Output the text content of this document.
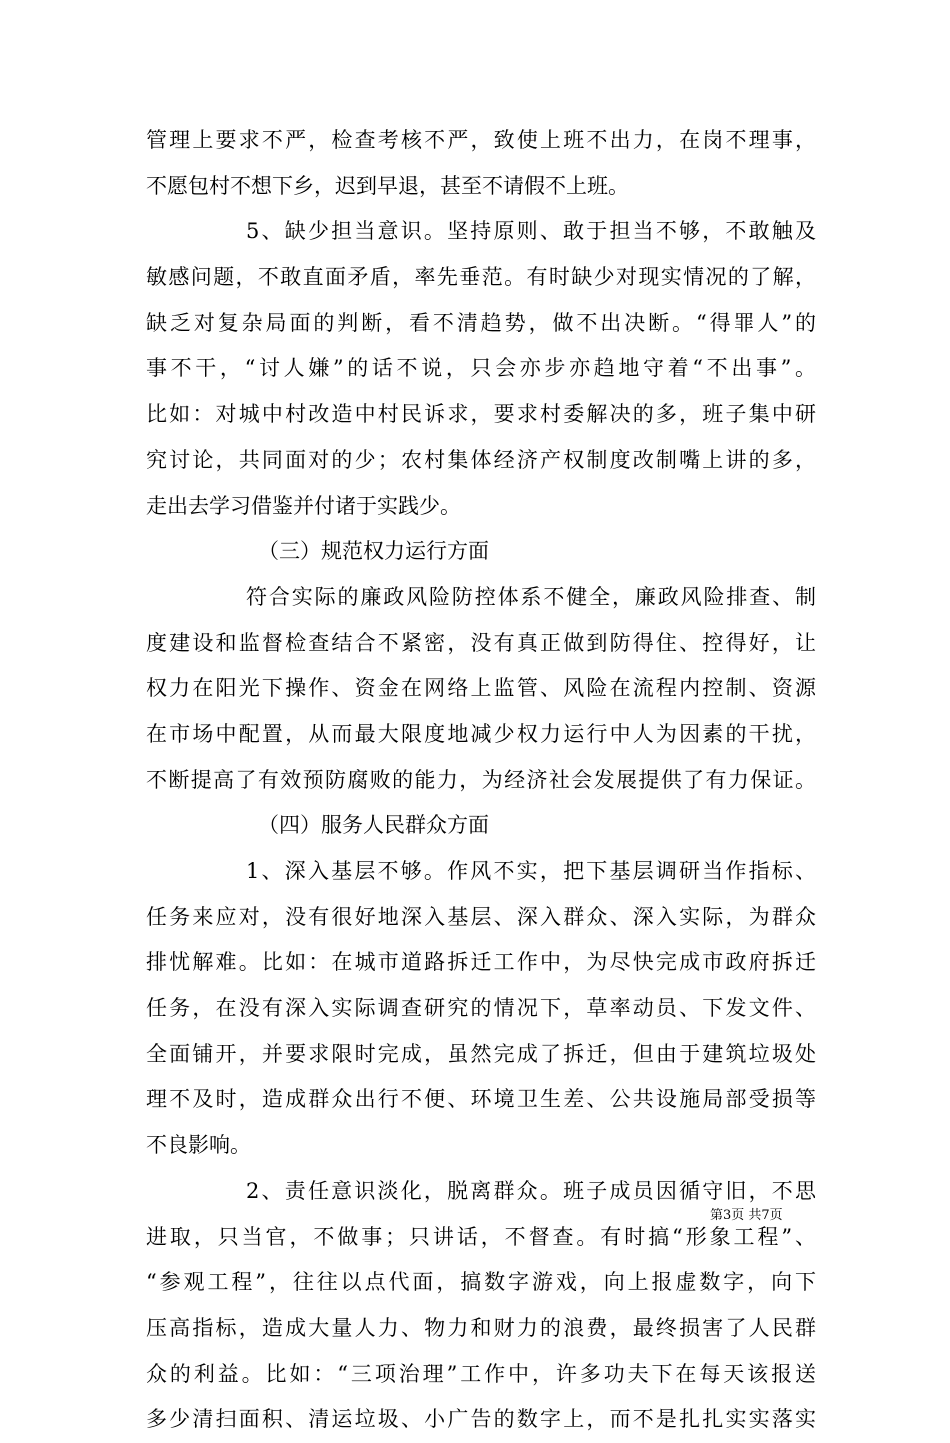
管理上要求不严，检查考核不严，致使上班不出力，在岗不理事，
不愿包村不想下乡，迟到早退，甚至不请假不上班。
5、缺少担当意识。坚持原则、敢于担当不够，不敢触及
敏感问题，不敢直面矛盾，率先垂范。有时缺少对现实情况的了解，
缺乏对复杂局面的判断，看不清趋势，做不出决断。“得罪人”的
事不干，“讨人嫌”的话不说，只会亦步亦趋地守着“不出事”。
比如：对城中村改造中村民诉求，要求村委解决的多，班子集中研
究讨论，共同面对的少；农村集体经济产权制度改制嘴上讲的多，
走出去学习借鉴并付诸于实践少。
（三）规范权力运行方面
符合实际的廉政风险防控体系不健全，廉政风险排查、制
度建设和监督检查结合不紧密，没有真正做到防得住、控得好，让
权力在阳光下操作、资金在网络上监管、风险在流程内控制、资源
在市场中配置，从而最大限度地减少权力运行中人为因素的干扰，
不断提高了有效预防腐败的能力，为经济社会发展提供了有力保证。
（四）服务人民群众方面
1、深入基层不够。作风不实，把下基层调研当作指标、
任务来应对，没有很好地深入基层、深入群众、深入实际，为群众
排忧解难。比如：在城市道路拆迁工作中，为尽快完成市政府拆迁
任务，在没有深入实际调查研究的情况下，草率动员、下发文件、
全面铺开，并要求限时完成，虽然完成了拆迁，但由于建筑垃圾处
理不及时，造成群众出行不便、环境卫生差、公共设施局部受损等
不良影响。
2、责任意识淡化，脱离群众。班子成员因循守旧，不思
进取，只当官，不做事；只讲话，不督查。有时搞“形象工程”、
“参观工程”，往往以点代面，搞数字游戏，向上报虚数字，向下
压高指标，造成大量人力、物力和财力的浪费，最终损害了人民群
众的利益。比如：“三项治理”工作中，许多功夫下在每天该报送
多少清扫面积、清运垃圾、小广告的数字上，而不是扎扎实实落实
第3页 共7页
